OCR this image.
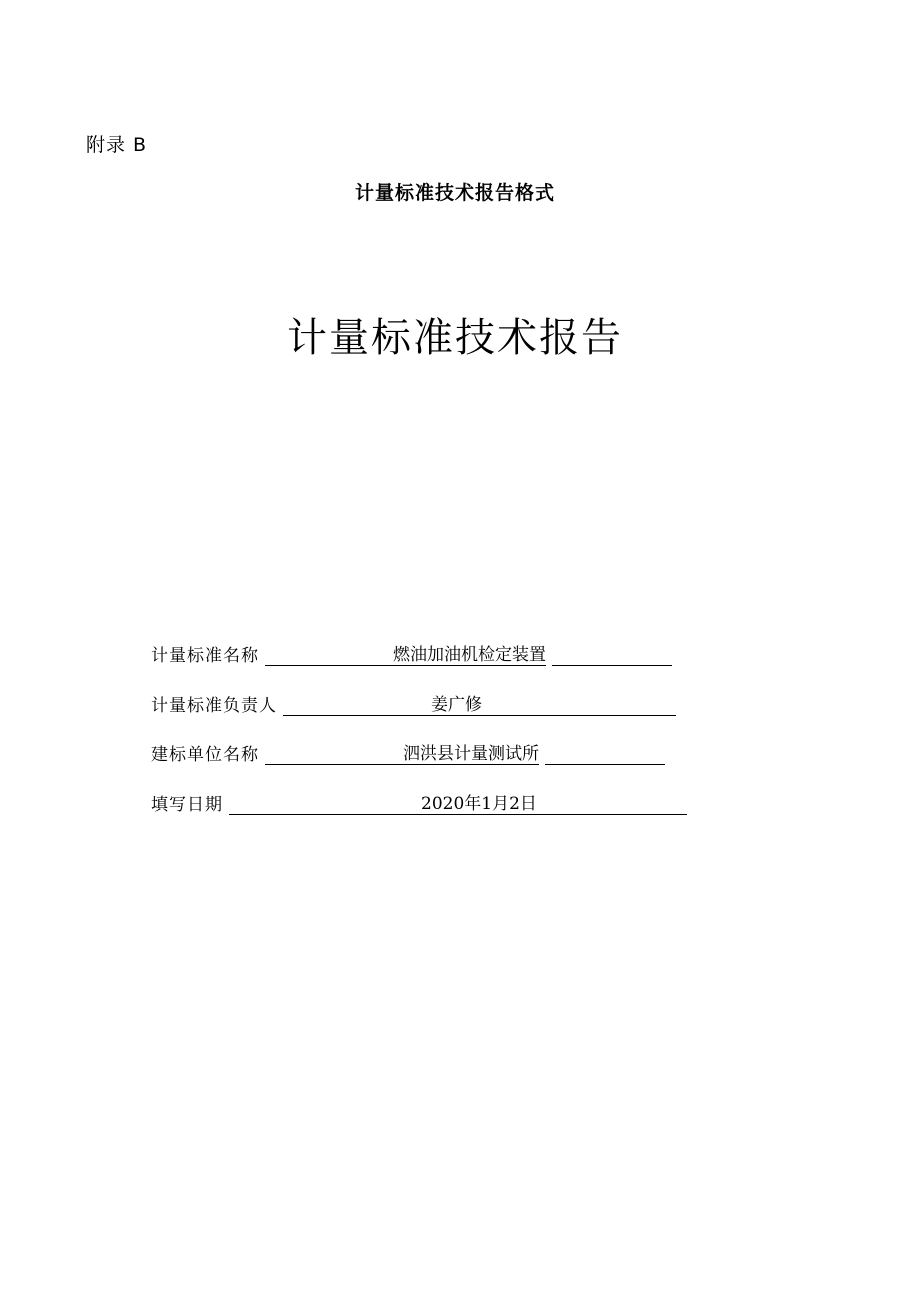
附录 B
计量标准技术报告格式
计量标准技术报告
计量标准名称	燃油加油机检定装置
计量标准负责人	姜广修
建标单位名称	泗洪县计量测试所
填写日期	2020年1月2日
